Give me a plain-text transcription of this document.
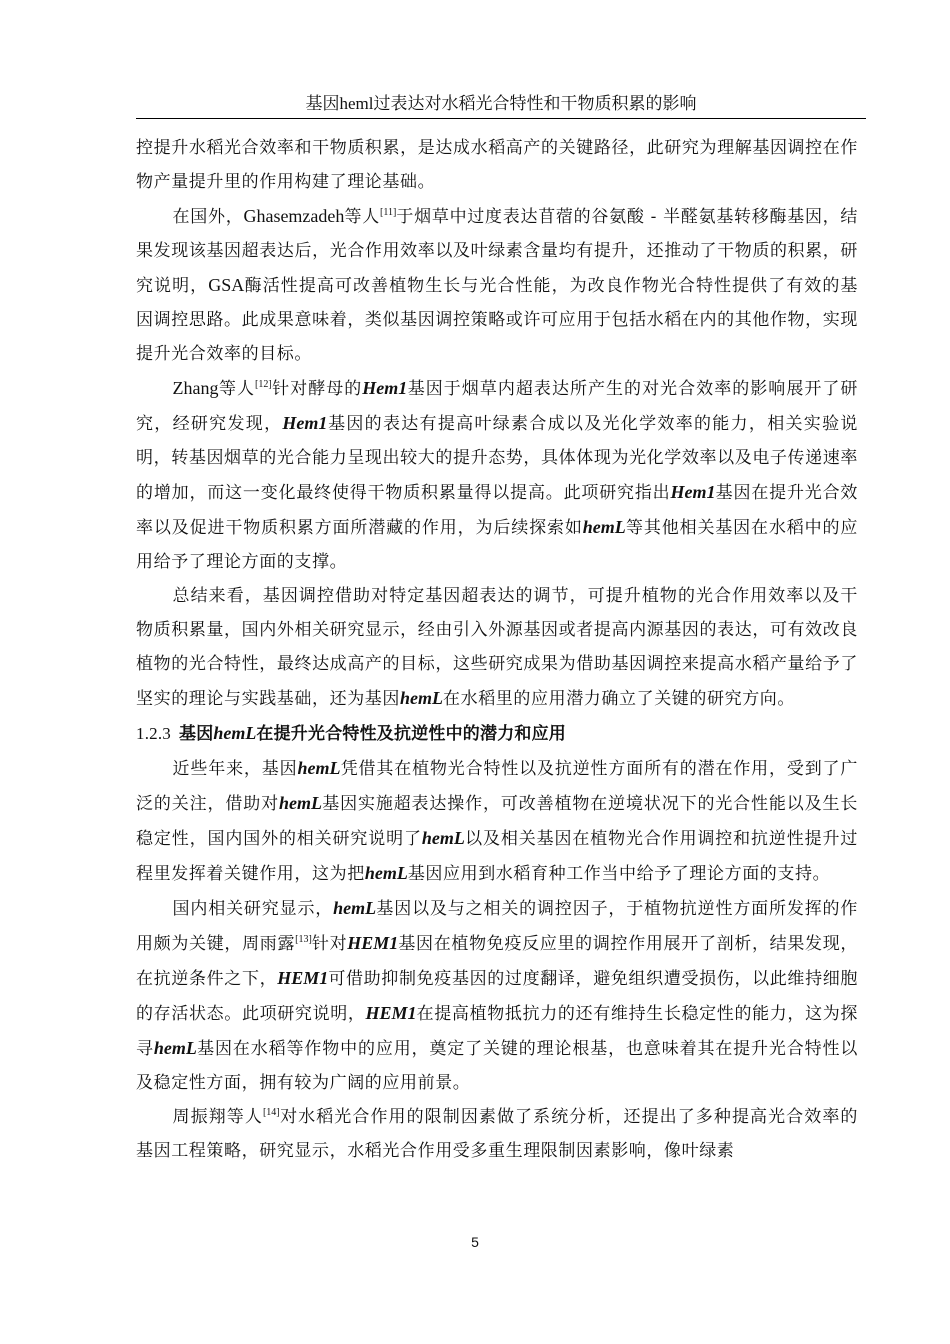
基因heml过表达对水稻光合特性和干物质积累的影响

控提升水稻光合效率和干物质积累，是达成水稻高产的关键路径，此研究为理解基因调控在作物产量提升里的作用构建了理论基础。

在国外，Ghasemzadeh等人[11]于烟草中过度表达苜蓿的谷氨酸 - 半醛氨基转移酶基因，结果发现该基因超表达后，光合作用效率以及叶绿素含量均有提升，还推动了干物质的积累，研究说明，GSA酶活性提高可改善植物生长与光合性能，为改良作物光合特性提供了有效的基因调控思路。此成果意味着，类似基因调控策略或许可应用于包括水稻在内的其他作物，实现提升光合效率的目标。

Zhang等人[12]针对酵母的Hem1基因于烟草内超表达所产生的对光合效率的影响展开了研究，经研究发现，Hem1基因的表达有提高叶绿素合成以及光化学效率的能力，相关实验说明，转基因烟草的光合能力呈现出较大的提升态势，具体体现为光化学效率以及电子传递速率的增加，而这一变化最终使得干物质积累量得以提高。此项研究指出Hem1基因在提升光合效率以及促进干物质积累方面所潜藏的作用，为后续探索如hemL等其他相关基因在水稻中的应用给予了理论方面的支撑。

总结来看，基因调控借助对特定基因超表达的调节，可提升植物的光合作用效率以及干物质积累量，国内外相关研究显示，经由引入外源基因或者提高内源基因的表达，可有效改良植物的光合特性，最终达成高产的目标，这些研究成果为借助基因调控来提高水稻产量给予了坚实的理论与实践基础，还为基因hemL在水稻里的应用潜力确立了关键的研究方向。

1.2.3 基因hemL在提升光合特性及抗逆性中的潜力和应用

近些年来，基因hemL凭借其在植物光合特性以及抗逆性方面所有的潜在作用，受到了广泛的关注，借助对hemL基因实施超表达操作，可改善植物在逆境状况下的光合性能以及生长稳定性，国内国外的相关研究说明了hemL以及相关基因在植物光合作用调控和抗逆性提升过程里发挥着关键作用，这为把hemL基因应用到水稻育种工作当中给予了理论方面的支持。

国内相关研究显示，hemL基因以及与之相关的调控因子，于植物抗逆性方面所发挥的作用颇为关键，周雨露[13]针对HEM1基因在植物免疫反应里的调控作用展开了剖析，结果发现，在抗逆条件之下，HEM1可借助抑制免疫基因的过度翻译，避免组织遭受损伤，以此维持细胞的存活状态。此项研究说明，HEM1在提高植物抵抗力的还有维持生长稳定性的能力，这为探寻hemL基因在水稻等作物中的应用，奠定了关键的理论根基，也意味着其在提升光合特性以及稳定性方面，拥有较为广阔的应用前景。

周振翔等人[14]对水稻光合作用的限制因素做了系统分析，还提出了多种提高光合效率的基因工程策略，研究显示，水稻光合作用受多重生理限制因素影响，像叶绿素

5
